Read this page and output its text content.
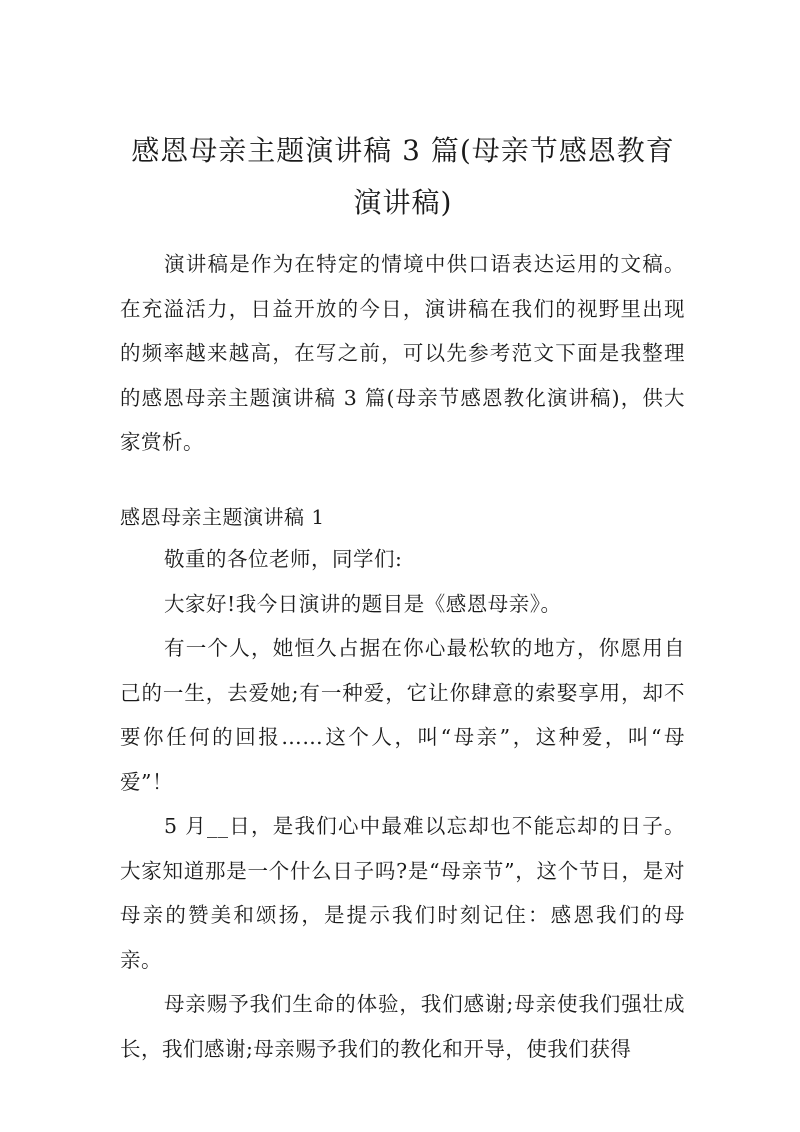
感恩母亲主题演讲稿 3 篇(母亲节感恩教育演讲稿)

演讲稿是作为在特定的情境中供口语表达运用的文稿。在充溢活力，日益开放的今日，演讲稿在我们的视野里出现的频率越来越高，在写之前，可以先参考范文下面是我整理的感恩母亲主题演讲稿 3 篇(母亲节感恩教化演讲稿)，供大家赏析。

感恩母亲主题演讲稿 1

敬重的各位老师，同学们:

大家好!我今日演讲的题目是《感恩母亲》。

有一个人，她恒久占据在你心最松软的地方，你愿用自己的一生，去爱她;有一种爱，它让你肆意的索娶享用，却不要你任何的回报……这个人，叫“母亲”，这种爱，叫“母爱”！

5 月__日，是我们心中最难以忘却也不能忘却的日子。大家知道那是一个什么日子吗?是“母亲节”，这个节日，是对母亲的赞美和颂扬，是提示我们时刻记住：感恩我们的母亲。

母亲赐予我们生命的体验，我们感谢;母亲使我们强壮成长，我们感谢;母亲赐予我们的教化和开导，使我们获得
